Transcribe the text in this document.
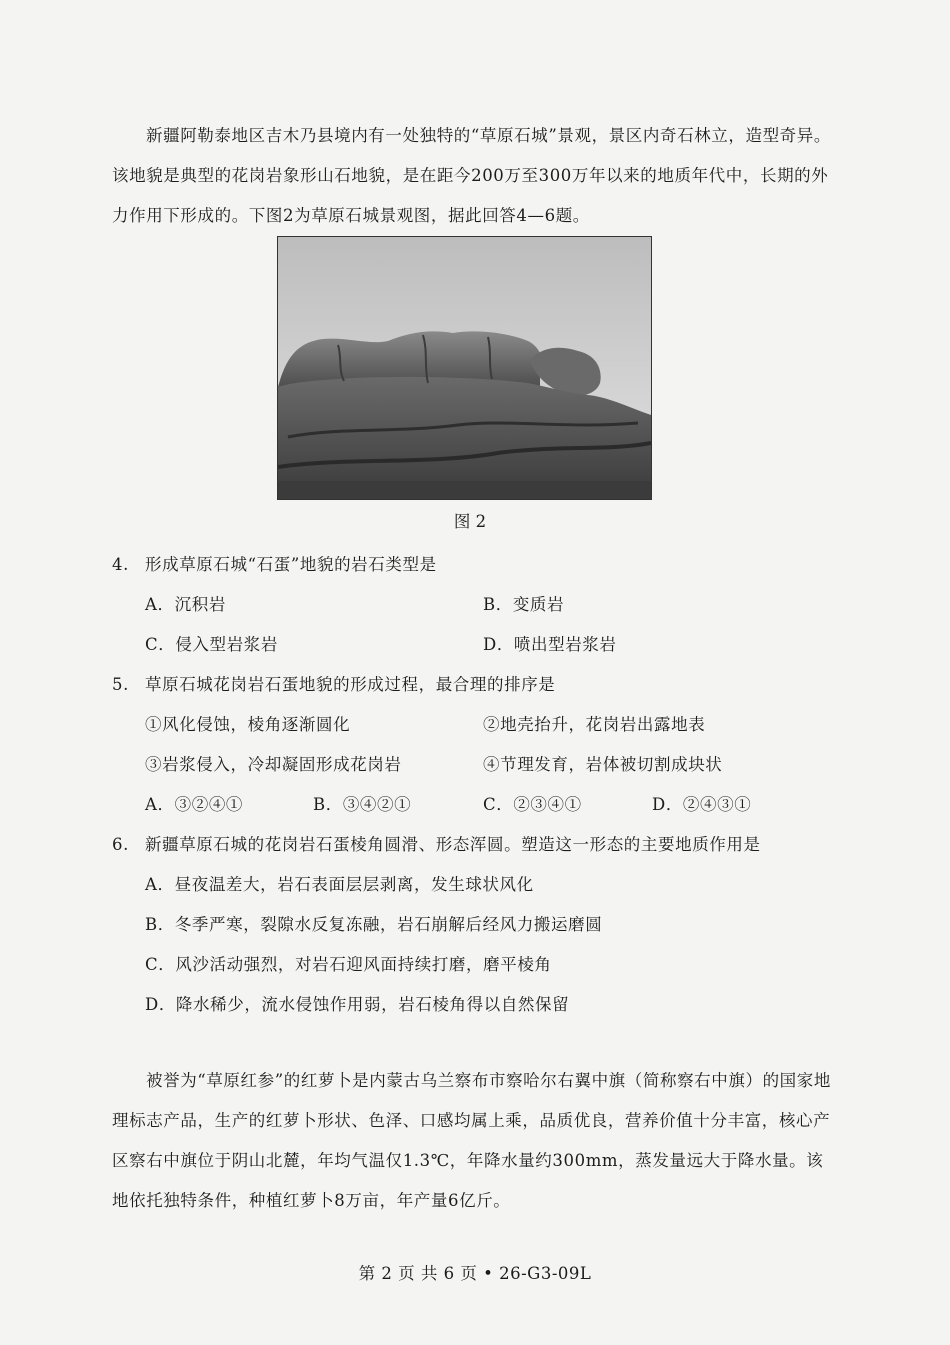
新疆阿勒泰地区吉木乃县境内有一处独特的“草原石城”景观，景区内奇石林立，造型奇异。该地貌是典型的花岗岩象形山石地貌，是在距今200万至300万年以来的地质年代中，长期的外力作用下形成的。下图2为草原石城景观图，据此回答4—6题。

图 2
4. 形成草原石城“石蛋”地貌的岩石类型是
A．沉积岩	B．变质岩
C．侵入型岩浆岩	D．喷出型岩浆岩
5. 草原石城花岗岩石蛋地貌的形成过程，最合理的排序是
①风化侵蚀，棱角逐渐圆化	②地壳抬升，花岗岩出露地表
③岩浆侵入，冷却凝固形成花岗岩	④节理发育，岩体被切割成块状
A．③②④①	B．③④②①	C．②③④①	D．②④③①
6. 新疆草原石城的花岗岩石蛋棱角圆滑、形态浑圆。塑造这一形态的主要地质作用是
A．昼夜温差大，岩石表面层层剥离，发生球状风化
B．冬季严寒，裂隙水反复冻融，岩石崩解后经风力搬运磨圆
C．风沙活动强烈，对岩石迎风面持续打磨，磨平棱角
D．降水稀少，流水侵蚀作用弱，岩石棱角得以自然保留

被誉为“草原红参”的红萝卜是内蒙古乌兰察布市察哈尔右翼中旗（简称察右中旗）的国家地理标志产品，生产的红萝卜形状、色泽、口感均属上乘，品质优良，营养价值十分丰富，核心产区察右中旗位于阴山北麓，年均气温仅1.3℃，年降水量约300mm，蒸发量远大于降水量。该地依托独特条件，种植红萝卜8万亩，年产量6亿斤。

第 2 页 共 6 页 • 26-G3-09L
